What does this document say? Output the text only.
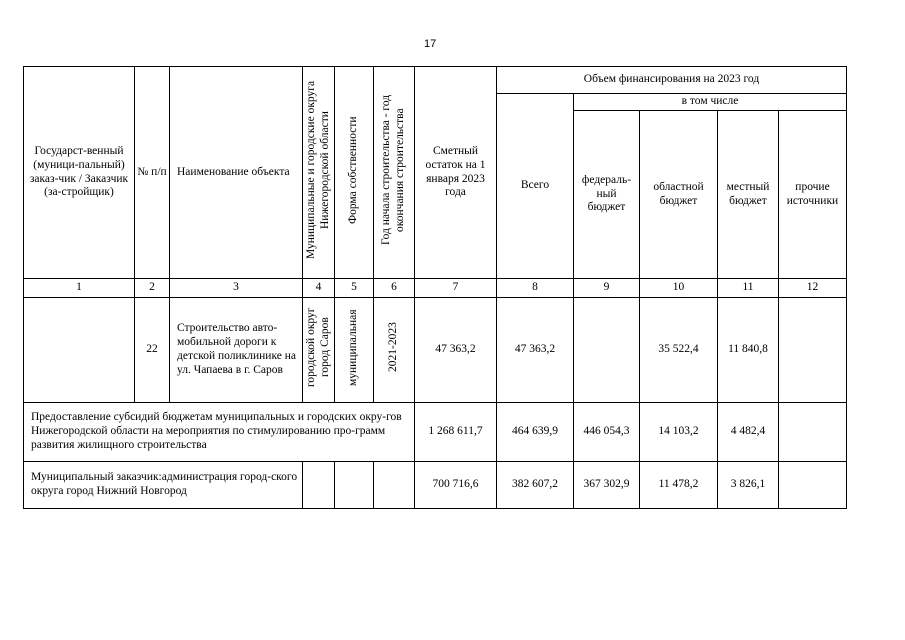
17
Государст-венный (муници-пальный) заказ-чик / Заказчик (за-стройщик)	№ п/п	Наименование объекта	Муниципальные и городские округа Нижегородской области	Форма собственности	Год начала строительства - год окончания строительства	Сметный остаток на 1 января 2023 года	Объем финансирования на 2023 год				
							Всего	в том числе			
								федераль-ный бюджет	областной бюджет	местный бюджет	прочие источники
1	2	3	4	5	6	7	8	9	10	11	12
	22	Строительство авто-мобильной дороги к детской поликлинике на ул. Чапаева в г. Саров	городской округ город Саров	муниципальная	2021-2023	47 363,2	47 363,2		35 522,4	11 840,8	
Предоставление субсидий бюджетам муниципальных и городских окру-гов Нижегородской области на мероприятия по стимулированию про-грамм развития жилищного строительства						1 268 611,7	464 639,9	446 054,3	14 103,2	4 482,4	
Муниципальный заказчик:администрация город-ского округа город Нижний Новгород						700 716,6	382 607,2	367 302,9	11 478,2	3 826,1	
